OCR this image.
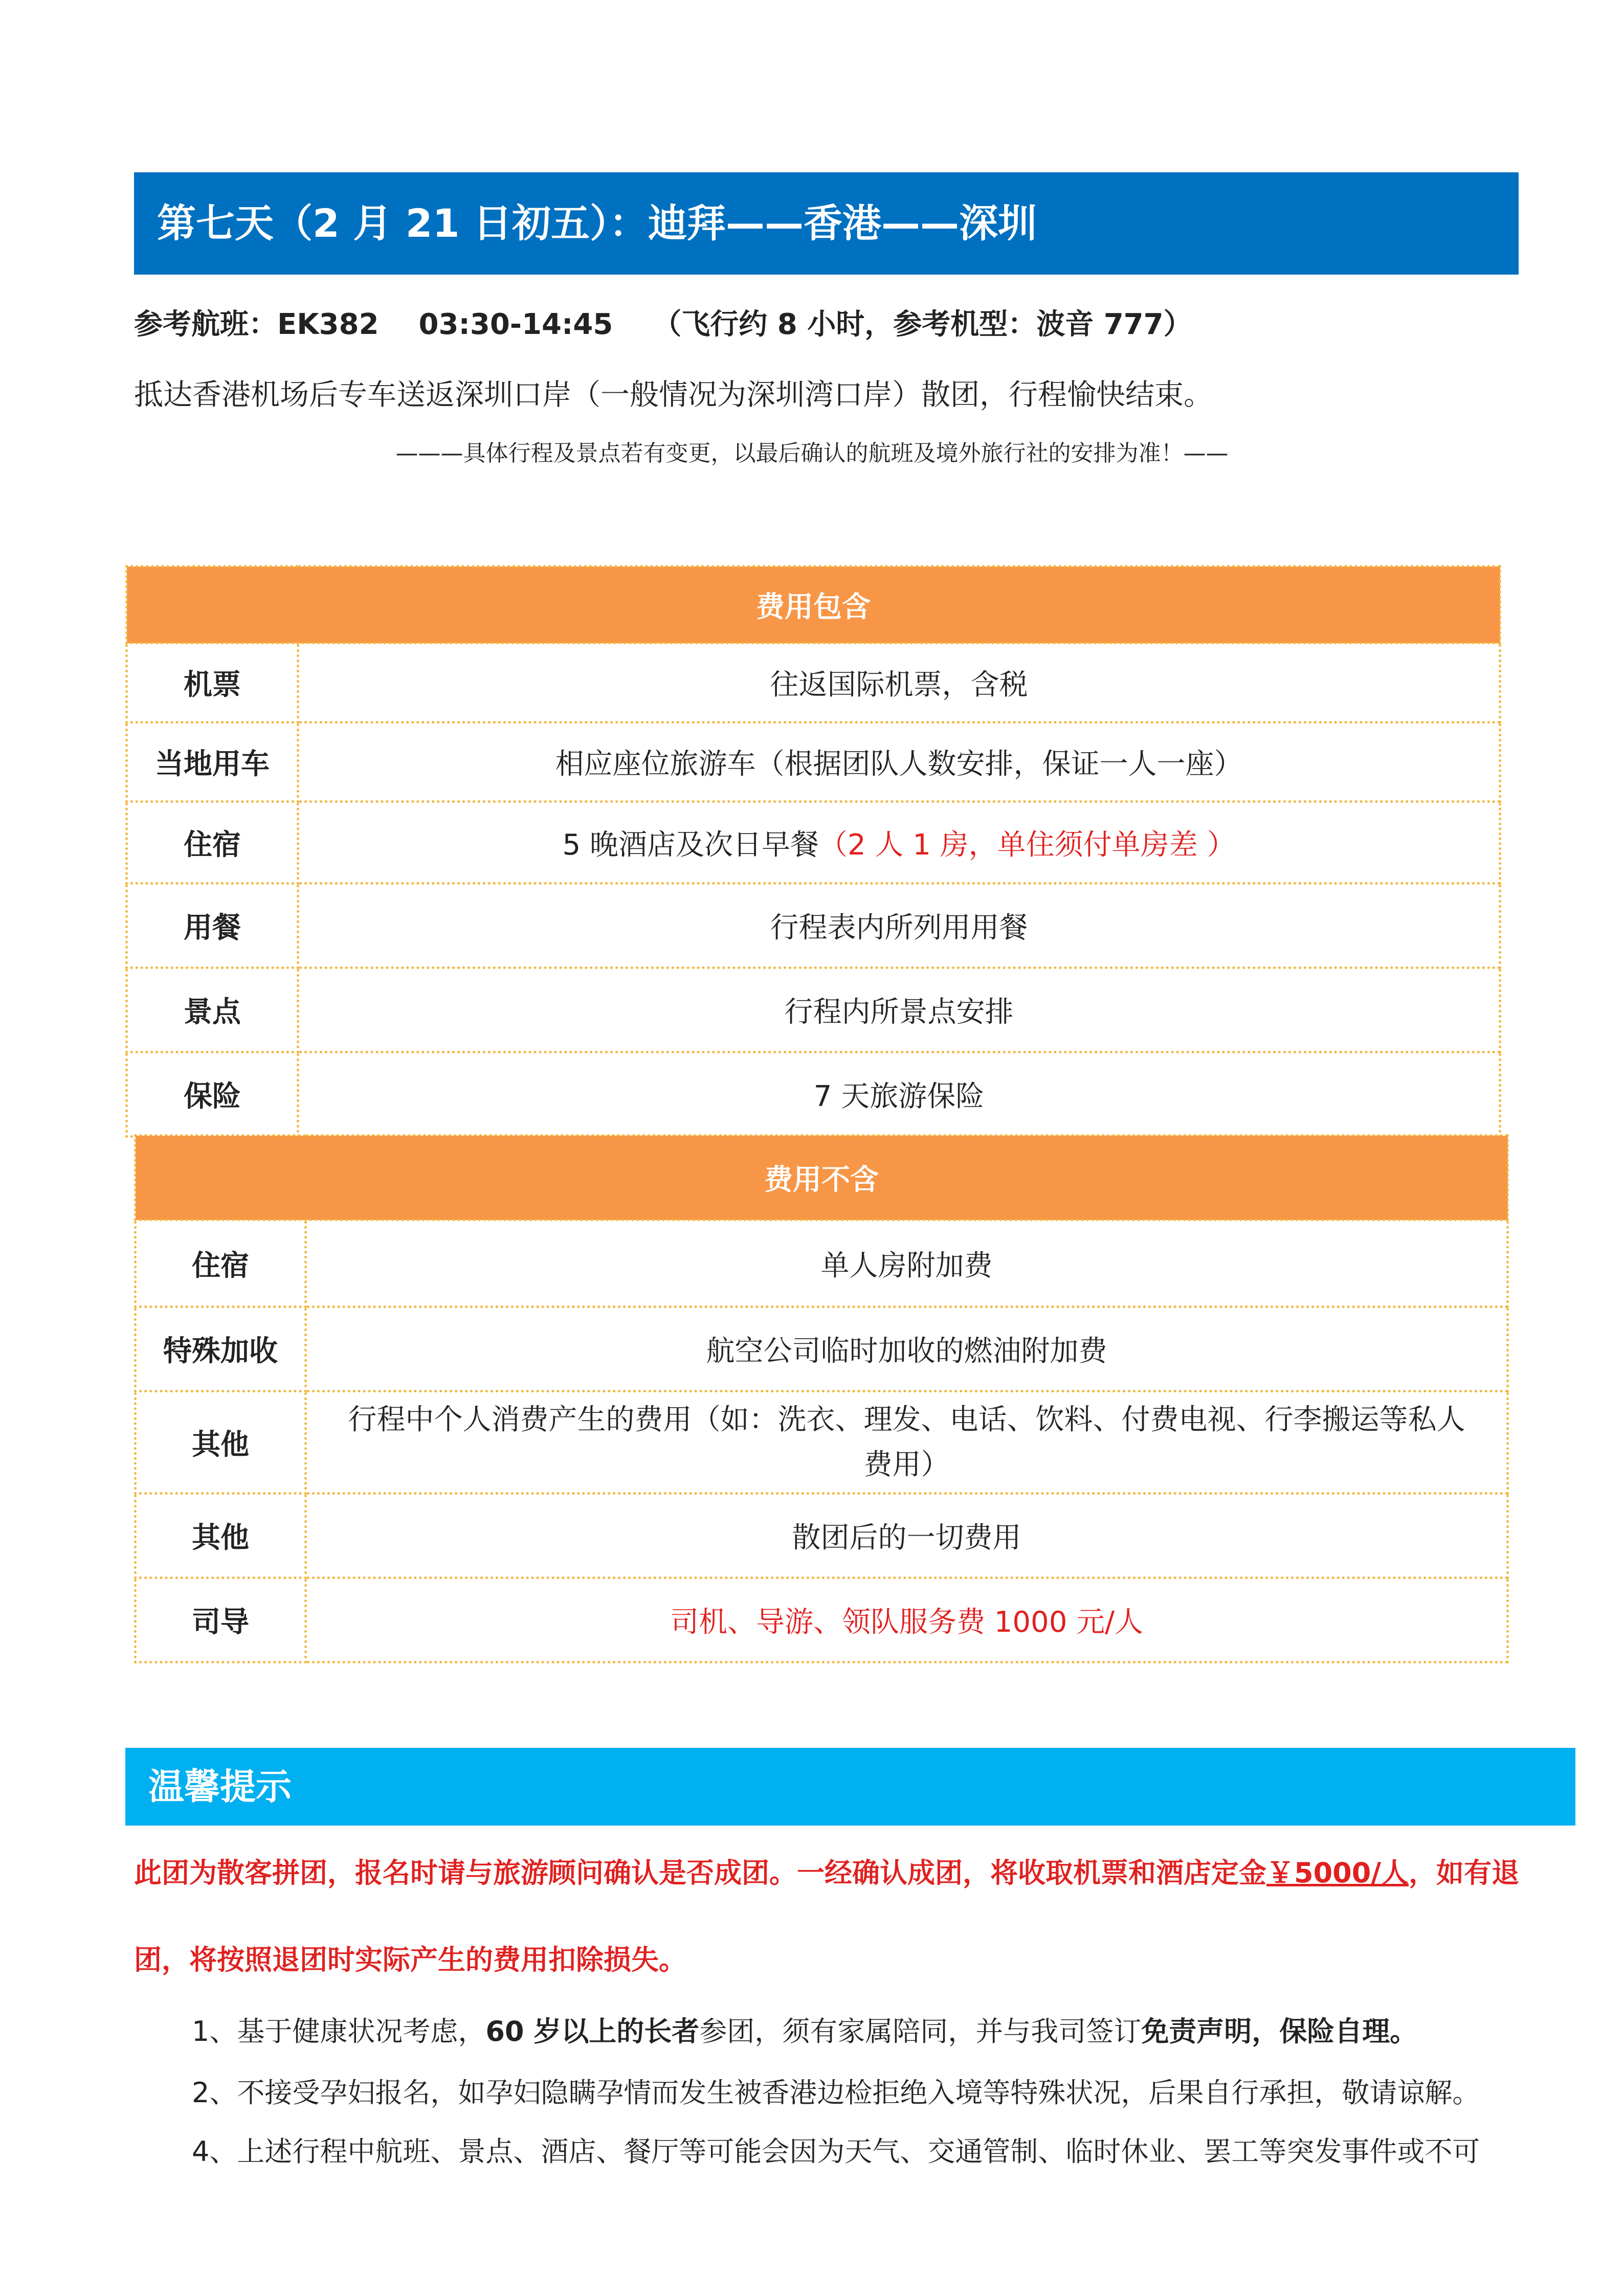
第七天（2 月 21 日初五）：迪拜——香港——深圳
参考航班：EK382 03:30-14:45 （飞行约 8 小时，参考机型：波音 777）
抵达香港机场后专车送返深圳口岸（一般情况为深圳湾口岸）散团，行程愉快结束。
———具体行程及景点若有变更，以最后确认的航班及境外旅行社的安排为准！——
费用包含	
机票	往返国际机票，含税
当地用车	相应座位旅游车（根据团队人数安排，保证一人一座）
住宿	5 晚酒店及次日早餐（2 人 1 房，单住须付单房差 ）
用餐	行程表内所列用用餐
景点	行程内所景点安排
保险	7 天旅游保险
费用不含	
住宿	单人房附加费
特殊加收	航空公司临时加收的燃油附加费
其他	行程中个人消费产生的费用（如：洗衣、理发、电话、饮料、付费电视、行李搬运等私人费用）
其他	散团后的一切费用
司导	司机、导游、领队服务费 1000 元/人
温馨提示
此团为散客拼团，报名时请与旅游顾问确认是否成团。一经确认成团，将收取机票和酒店定金￥5000/人，如有退
团，将按照退团时实际产生的费用扣除损失。
1、基于健康状况考虑，60 岁以上的长者参团，须有家属陪同，并与我司签订免责声明，保险自理。
2、不接受孕妇报名，如孕妇隐瞒孕情而发生被香港边检拒绝入境等特殊状况，后果自行承担，敬请谅解。
4、上述行程中航班、景点、酒店、餐厅等可能会因为天气、交通管制、临时休业、罢工等突发事件或不可
